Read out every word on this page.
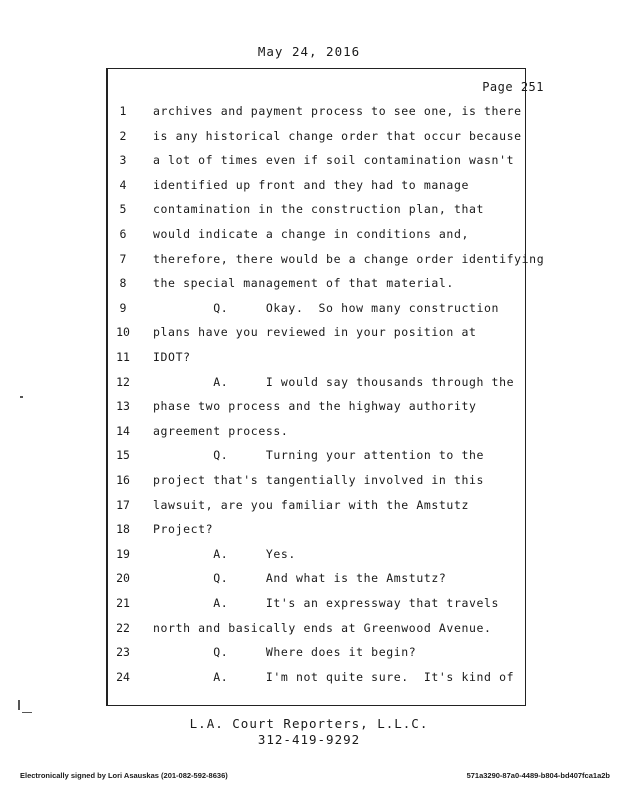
May 24, 2016
Page 251
1	archives and payment process to see one, is there
2	is any historical change order that occur because
3	a lot of times even if soil contamination wasn't
4	identified up front and they had to manage
5	contamination in the construction plan, that
6	would indicate a change in conditions and,
7	therefore, there would be a change order identifying
8	the special management of that material.
9	Q.     Okay.  So how many construction
10	plans have you reviewed in your position at
11	IDOT?
12	A.     I would say thousands through the
13	phase two process and the highway authority
14	agreement process.
15	Q.     Turning your attention to the
16	project that's tangentially involved in this
17	lawsuit, are you familiar with the Amstutz
18	Project?
19	A.     Yes.
20	Q.     And what is the Amstutz?
21	A.     It's an expressway that travels
22	north and basically ends at Greenwood Avenue.
23	Q.     Where does it begin?
24	A.     I'm not quite sure.  It's kind of
L.A. Court Reporters, L.L.C.
312-419-9292
Electronically signed by Lori Asauskas (201-082-592-8636)	571a3290-87a0-4489-b804-bd407fca1a2b
